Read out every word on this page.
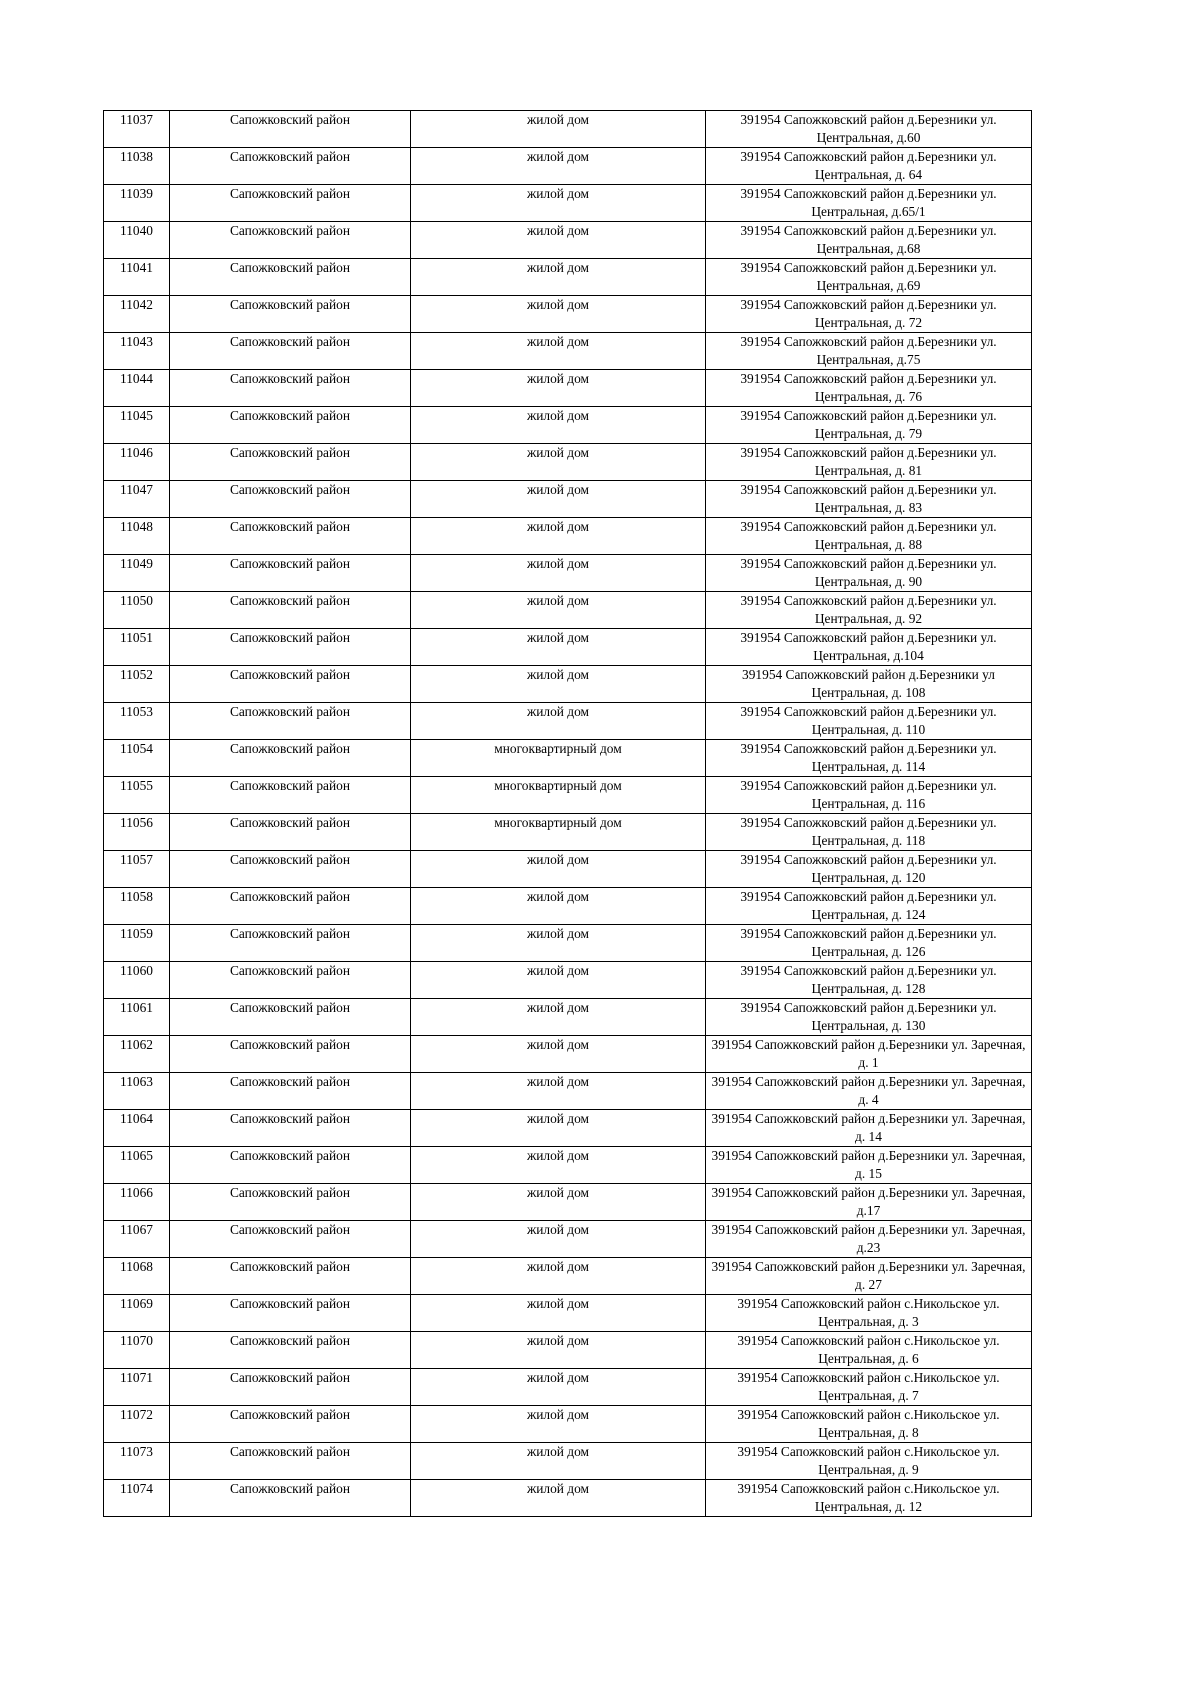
11037	Сапожковский район	жилой дом	391954 Сапожковский район д.Березники ул. Центральная, д.60
11038	Сапожковский район	жилой дом	391954 Сапожковский район д.Березники ул. Центральная, д. 64
11039	Сапожковский район	жилой дом	391954 Сапожковский район д.Березники ул. Центральная, д.65/1
11040	Сапожковский район	жилой дом	391954 Сапожковский район д.Березники ул. Центральная, д.68
11041	Сапожковский район	жилой дом	391954 Сапожковский район д.Березники ул. Центральная, д.69
11042	Сапожковский район	жилой дом	391954 Сапожковский район д.Березники ул. Центральная, д. 72
11043	Сапожковский район	жилой дом	391954 Сапожковский район д.Березники ул. Центральная, д.75
11044	Сапожковский район	жилой дом	391954 Сапожковский район д.Березники ул. Центральная, д. 76
11045	Сапожковский район	жилой дом	391954 Сапожковский район д.Березники ул. Центральная, д. 79
11046	Сапожковский район	жилой дом	391954 Сапожковский район д.Березники ул. Центральная, д. 81
11047	Сапожковский район	жилой дом	391954 Сапожковский район д.Березники ул. Центральная, д. 83
11048	Сапожковский район	жилой дом	391954 Сапожковский район д.Березники ул. Центральная, д. 88
11049	Сапожковский район	жилой дом	391954 Сапожковский район д.Березники ул. Центральная, д. 90
11050	Сапожковский район	жилой дом	391954 Сапожковский район д.Березники ул. Центральная, д. 92
11051	Сапожковский район	жилой дом	391954 Сапожковский район д.Березники ул. Центральная, д.104
11052	Сапожковский район	жилой дом	391954 Сапожковский район д.Березники ул Центральная, д. 108
11053	Сапожковский район	жилой дом	391954 Сапожковский район д.Березники ул. Центральная, д. 110
11054	Сапожковский район	многоквартирный дом	391954 Сапожковский район д.Березники ул. Центральная, д. 114
11055	Сапожковский район	многоквартирный дом	391954 Сапожковский район д.Березники ул. Центральная, д. 116
11056	Сапожковский район	многоквартирный дом	391954 Сапожковский район д.Березники ул. Центральная, д. 118
11057	Сапожковский район	жилой дом	391954 Сапожковский район д.Березники ул. Центральная, д. 120
11058	Сапожковский район	жилой дом	391954 Сапожковский район д.Березники ул. Центральная, д. 124
11059	Сапожковский район	жилой дом	391954 Сапожковский район д.Березники ул. Центральная, д. 126
11060	Сапожковский район	жилой дом	391954 Сапожковский район д.Березники ул. Центральная, д. 128
11061	Сапожковский район	жилой дом	391954 Сапожковский район д.Березники ул. Центральная, д. 130
11062	Сапожковский район	жилой дом	391954 Сапожковский район д.Березники ул. Заречная, д. 1
11063	Сапожковский район	жилой дом	391954 Сапожковский район д.Березники ул. Заречная, д. 4
11064	Сапожковский район	жилой дом	391954 Сапожковский район д.Березники ул. Заречная, д. 14
11065	Сапожковский район	жилой дом	391954 Сапожковский район д.Березники ул. Заречная, д. 15
11066	Сапожковский район	жилой дом	391954 Сапожковский район д.Березники ул. Заречная, д.17
11067	Сапожковский район	жилой дом	391954 Сапожковский район д.Березники ул. Заречная, д.23
11068	Сапожковский район	жилой дом	391954 Сапожковский район д.Березники ул. Заречная, д. 27
11069	Сапожковский район	жилой дом	391954 Сапожковский район с.Никольское ул. Центральная, д. 3
11070	Сапожковский район	жилой дом	391954 Сапожковский район с.Никольское ул. Центральная, д. 6
11071	Сапожковский район	жилой дом	391954 Сапожковский район с.Никольское ул. Центральная, д. 7
11072	Сапожковский район	жилой дом	391954 Сапожковский район с.Никольское ул. Центральная, д. 8
11073	Сапожковский район	жилой дом	391954 Сапожковский район с.Никольское ул. Центральная, д. 9
11074	Сапожковский район	жилой дом	391954 Сапожковский район с.Никольское ул. Центральная, д. 12
